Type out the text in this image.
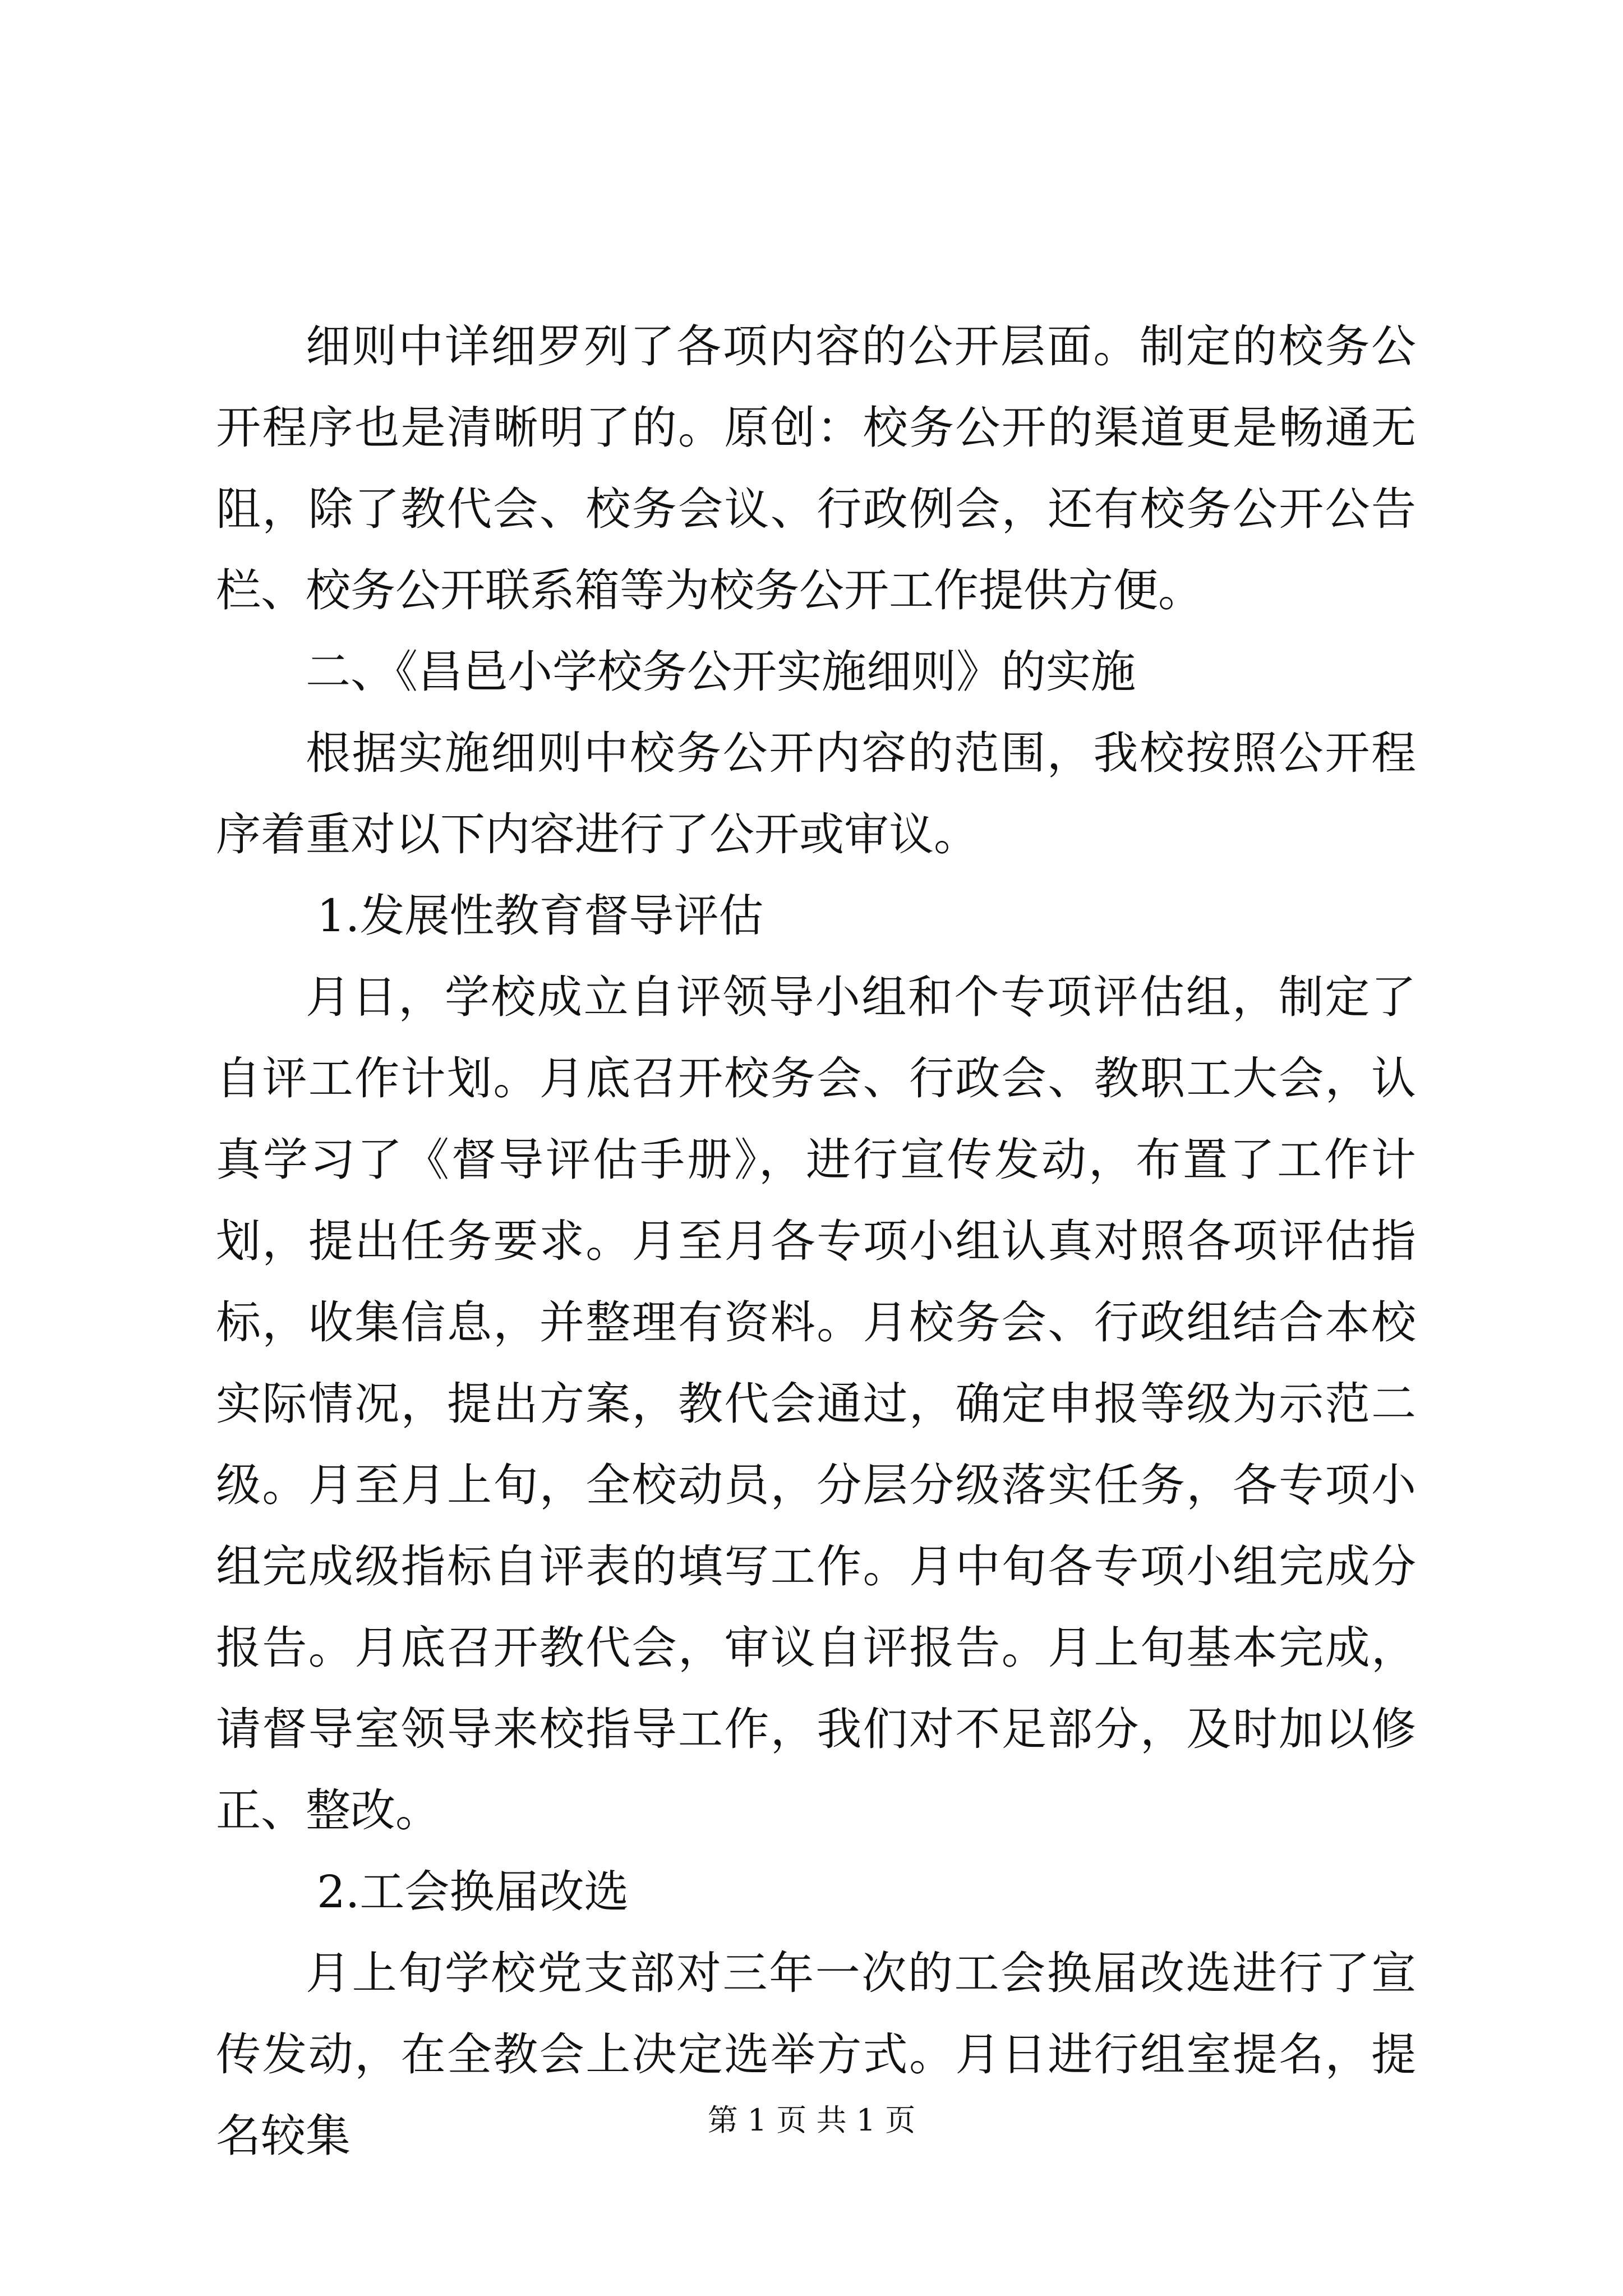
细则中详细罗列了各项内容的公开层面。制定的校务公开程序也是清晰明了的。原创：校务公开的渠道更是畅通无阻，除了教代会、校务会议、行政例会，还有校务公开公告栏、校务公开联系箱等为校务公开工作提供方便。

二、《昌邑小学校务公开实施细则》的实施

根据实施细则中校务公开内容的范围，我校按照公开程序着重对以下内容进行了公开或审议。

1.发展性教育督导评估

月日，学校成立自评领导小组和个专项评估组，制定了自评工作计划。月底召开校务会、行政会、教职工大会，认真学习了《督导评估手册》，进行宣传发动，布置了工作计划，提出任务要求。月至月各专项小组认真对照各项评估指标，收集信息，并整理有资料。月校务会、行政组结合本校实际情况，提出方案，教代会通过，确定申报等级为示范二级。月至月上旬，全校动员，分层分级落实任务，各专项小组完成级指标自评表的填写工作。月中旬各专项小组完成分报告。月底召开教代会，审议自评报告。月上旬基本完成，请督导室领导来校指导工作，我们对不足部分，及时加以修正、整改。

2.工会换届改选

月上旬学校党支部对三年一次的工会换届改选进行了宣传发动，在全教会上决定选举方式。月日进行组室提名，提名较集	第 1 页 共 1 页
